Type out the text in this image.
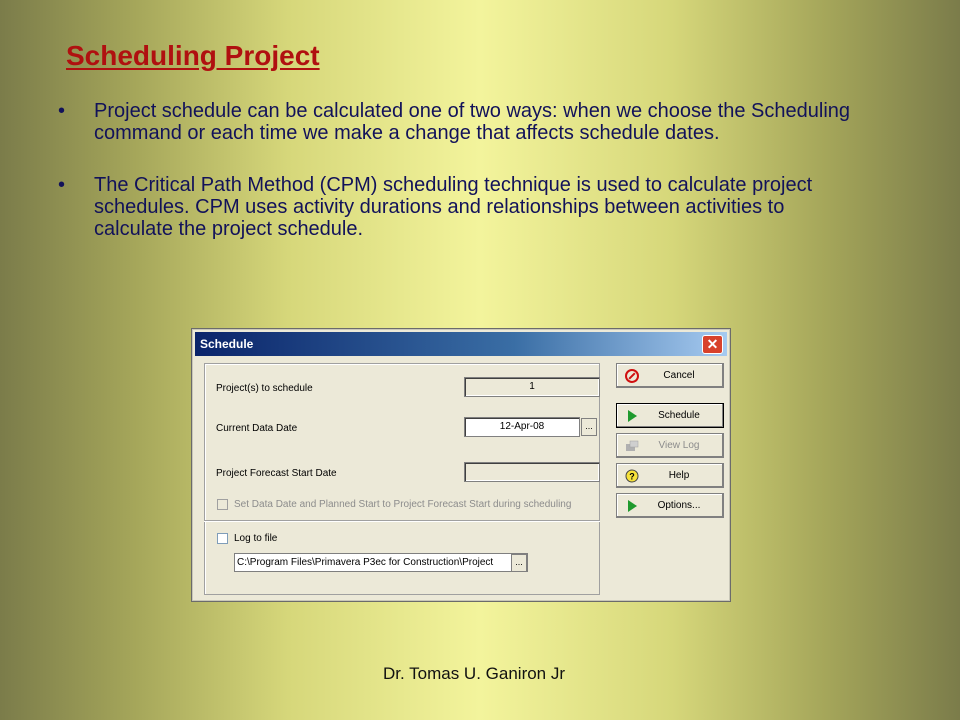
Scheduling Project
• Project schedule can be calculated one of two ways: when we choose the Scheduling command or each time we make a change that affects schedule dates.
• The Critical Path Method (CPM) scheduling technique is used to calculate project schedules. CPM uses activity durations and relationships between activities to calculate the project schedule.
Schedule	✕
Project(s) to schedule	1
Current Data Date	12-Apr-08	...
Project Forecast Start Date
Set Data Date and Planned Start to Project Forecast Start during scheduling
Log to file
C:\Program Files\Primavera P3ec for Construction\Project	...
Cancel
Schedule
View Log
?	Help
Options...
Dr. Tomas U. Ganiron Jr
